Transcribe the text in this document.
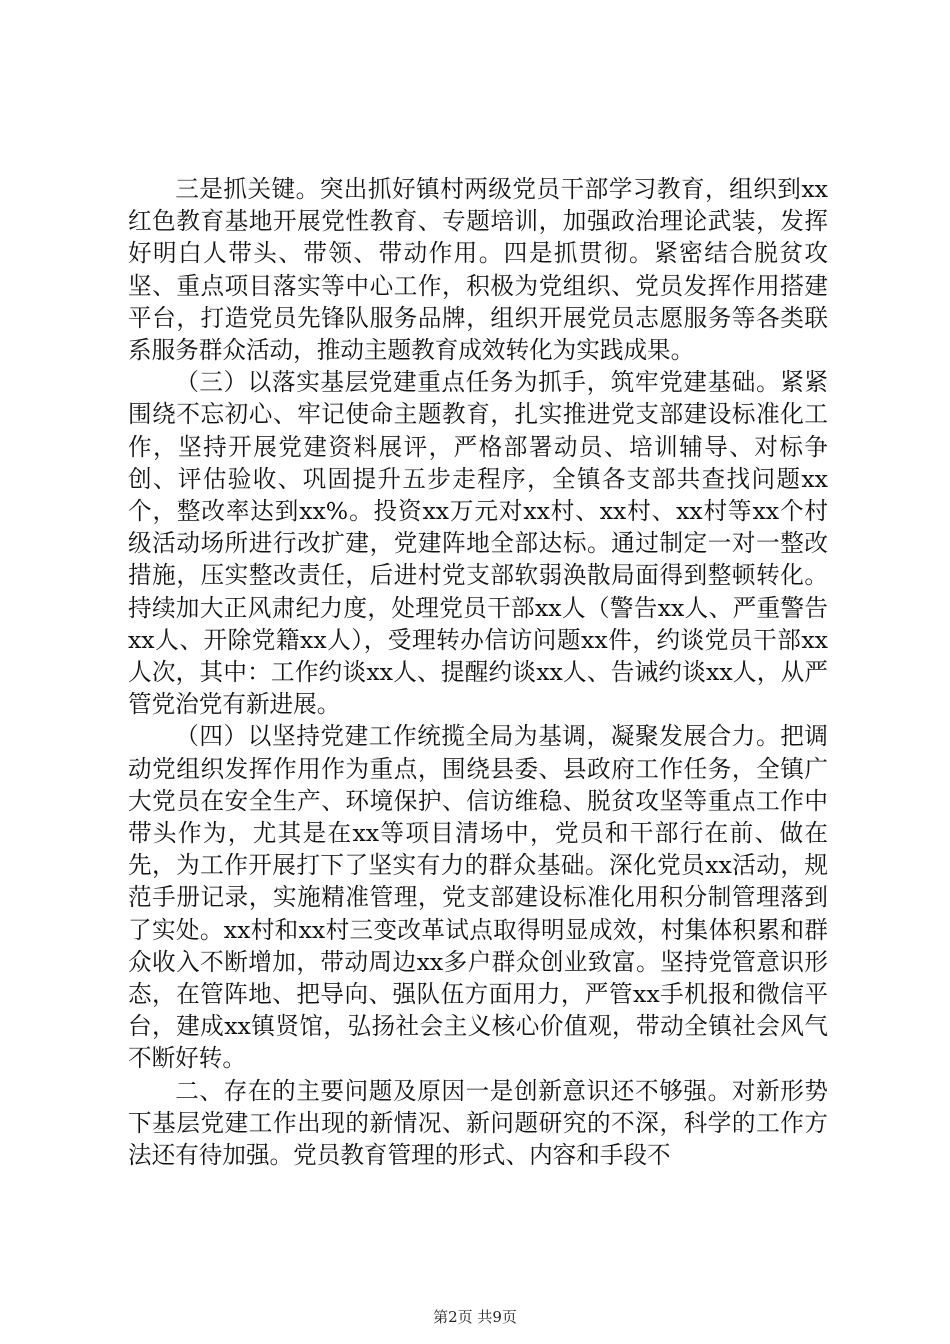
三是抓关键。突出抓好镇村两级党员干部学习教育，组织到xx红色教育基地开展党性教育、专题培训，加强政治理论武装，发挥好明白人带头、带领、带动作用。四是抓贯彻。紧密结合脱贫攻坚、重点项目落实等中心工作，积极为党组织、党员发挥作用搭建平台，打造党员先锋队服务品牌，组织开展党员志愿服务等各类联系服务群众活动，推动主题教育成效转化为实践成果。

（三）以落实基层党建重点任务为抓手，筑牢党建基础。紧紧围绕不忘初心、牢记使命主题教育，扎实推进党支部建设标准化工作，坚持开展党建资料展评，严格部署动员、培训辅导、对标争创、评估验收、巩固提升五步走程序，全镇各支部共查找问题xx个，整改率达到xx%。投资xx万元对xx村、xx村、xx村等xx个村级活动场所进行改扩建，党建阵地全部达标。通过制定一对一整改措施，压实整改责任，后进村党支部软弱涣散局面得到整顿转化。持续加大正风肃纪力度，处理党员干部xx人（警告xx人、严重警告xx人、开除党籍xx人），受理转办信访问题xx件，约谈党员干部xx人次，其中：工作约谈xx人、提醒约谈xx人、告诫约谈xx人，从严管党治党有新进展。

（四）以坚持党建工作统揽全局为基调，凝聚发展合力。把调动党组织发挥作用作为重点，围绕县委、县政府工作任务，全镇广大党员在安全生产、环境保护、信访维稳、脱贫攻坚等重点工作中带头作为，尤其是在xx等项目清场中，党员和干部行在前、做在先，为工作开展打下了坚实有力的群众基础。深化党员xx活动，规范手册记录，实施精准管理，党支部建设标准化用积分制管理落到了实处。xx村和xx村三变改革试点取得明显成效，村集体积累和群众收入不断增加，带动周边xx多户群众创业致富。坚持党管意识形态，在管阵地、把导向、强队伍方面用力，严管xx手机报和微信平台，建成xx镇贤馆，弘扬社会主义核心价值观，带动全镇社会风气不断好转。

二、存在的主要问题及原因一是创新意识还不够强。对新形势下基层党建工作出现的新情况、新问题研究的不深，科学的工作方法还有待加强。党员教育管理的形式、内容和手段不

第2页 共9页
